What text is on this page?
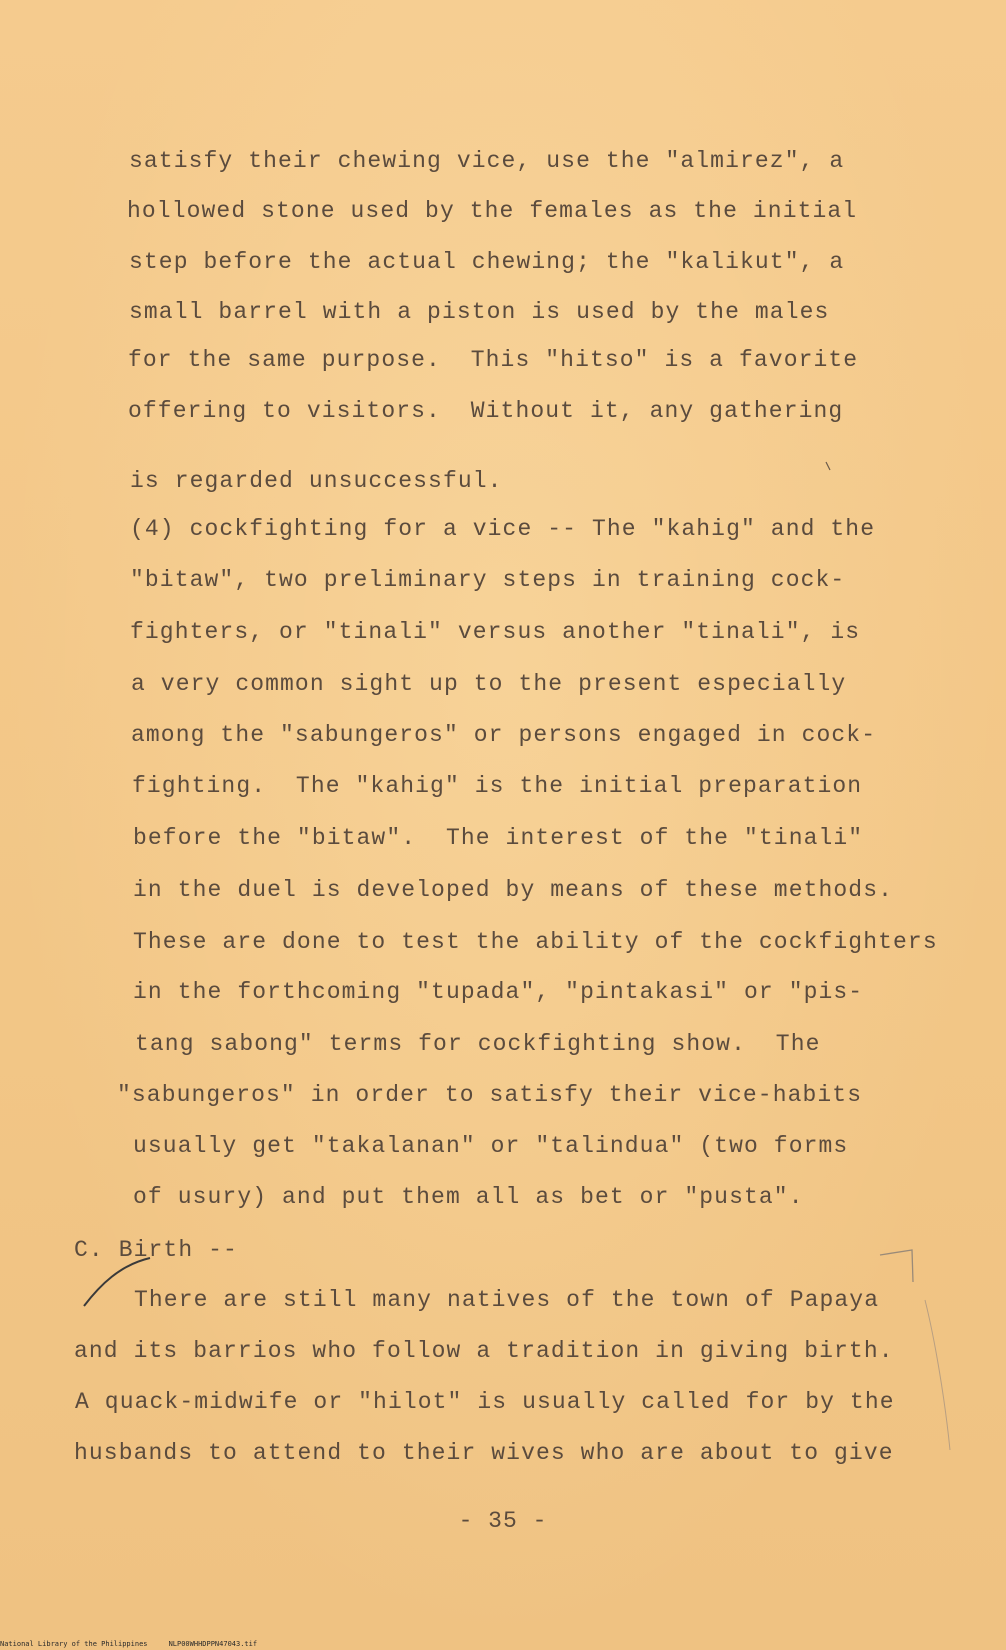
satisfy their chewing vice, use the "almirez", a
hollowed stone used by the females as the initial
step before the actual chewing; the "kalikut", a
small barrel with a piston is used by the males
for the same purpose.  This "hitso" is a favorite
offering to visitors.  Without it, any gathering
is regarded unsuccessful.
(4) cockfighting for a vice -- The "kahig" and the
"bitaw", two preliminary steps in training cock-
fighters, or "tinali" versus another "tinali", is
a very common sight up to the present especially
among the "sabungeros" or persons engaged in cock-
fighting.  The "kahig" is the initial preparation
before the "bitaw".  The interest of the "tinali"
in the duel is developed by means of these methods.
These are done to test the ability of the cockfighters
in the forthcoming "tupada", "pintakasi" or "pis-
tang sabong" terms for cockfighting show.  The
"sabungeros" in order to satisfy their vice-habits
usually get "takalanan" or "talindua" (two forms
of usury) and put them all as bet or "pusta".
C. Birth --
There are still many natives of the town of Papaya
and its barrios who follow a tradition in giving birth.
A quack-midwife or "hilot" is usually called for by the
husbands to attend to their wives who are about to give
- 35 -
National Library of the Philippines     NLP00WHHDPPN47043.tif
